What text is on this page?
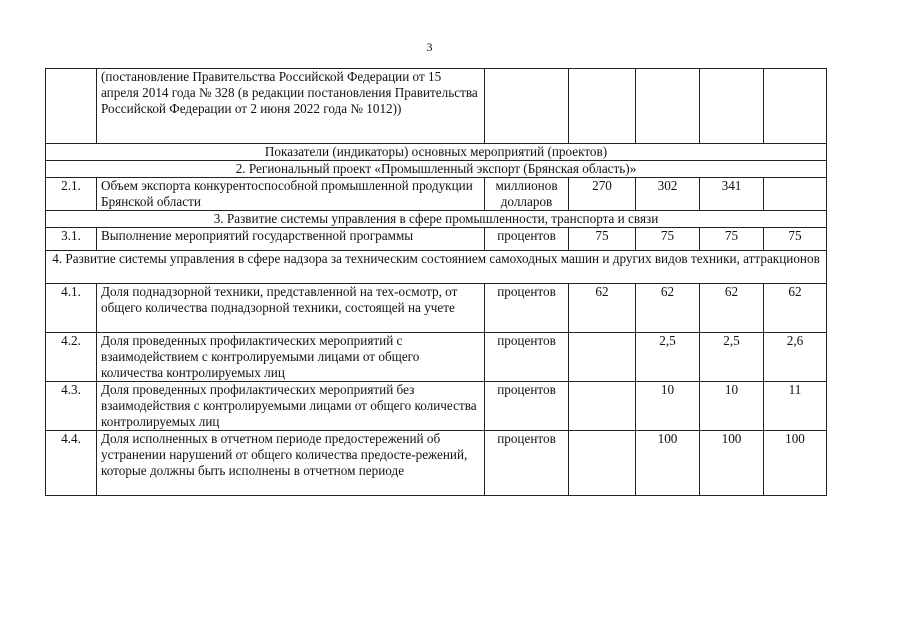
3
	(постановление Правительства Российской Федерации от 15 апреля 2014 года № 328 (в редакции постановления Правительства Российской Федерации от 2 июня 2022 года № 1012))					
Показатели (индикаторы) основных мероприятий (проектов)						
2. Региональный проект «Промышленный экспорт (Брянская область)»						
2.1.	Объем экспорта конкурентоспособной промышленной продукции Брянской области	миллионов долларов	270	302	341	
3. Развитие системы управления в сфере промышленности, транспорта и связи						
3.1.	Выполнение мероприятий государственной программы	процентов	75	75	75	75
4. Развитие системы управления в сфере надзора за техническим состоянием самоходных машин и других видов техники, аттракционов						
4.1.	Доля поднадзорной техники, представленной на тех-осмотр, от общего количества поднадзорной техники, состоящей на учете	процентов	62	62	62	62
4.2.	Доля проведенных профилактических мероприятий с взаимодействием с контролируемыми лицами от общего количества контролируемых лиц	процентов		2,5	2,5	2,6
4.3.	Доля проведенных профилактических мероприятий без взаимодействия с контролируемыми лицами от общего количества контролируемых лиц	процентов		10	10	11
4.4.	Доля исполненных в отчетном периоде предостережений об устранении нарушений от общего количества предосте-режений, которые должны быть исполнены в отчетном периоде	процентов		100	100	100
